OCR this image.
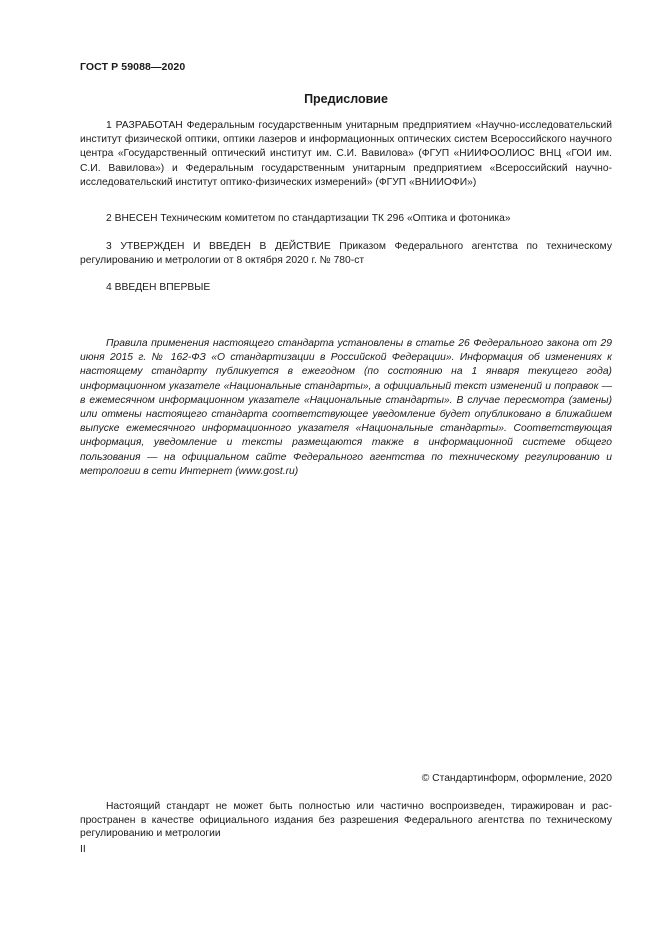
ГОСТ Р 59088—2020
Предисловие

1 РАЗРАБОТАН Федеральным государственным унитарным предприятием «Научно-исследовательский институт физической оптики, оптики лазеров и информационных оптических систем Всероссийского научного центра «Государственный оптический институт им. С.И. Вавилова» (ФГУП «НИИФООЛИОС ВНЦ «ГОИ им. С.И. Вавилова») и Федеральным государственным унитарным предприятием «Всероссийский научно-исследовательский институт оптико-физических измерений» (ФГУП «ВНИИОФИ»)

2 ВНЕСЕН Техническим комитетом по стандартизации ТК 296 «Оптика и фотоника»

3 УТВЕРЖДЕН И ВВЕДЕН В ДЕЙСТВИЕ Приказом Федерального агентства по техническому регулированию и метрологии от 8 октября 2020 г. № 780-ст

4 ВВЕДЕН ВПЕРВЫЕ

Правила применения настоящего стандарта установлены в статье 26 Федерального закона от 29 июня 2015 г. № 162-ФЗ «О стандартизации в Российской Федерации». Информация об изменениях к настоящему стандарту публикуется в ежегодном (по состоянию на 1 января текущего года) информационном указателе «Национальные стандарты», а официальный текст изменений и поправок — в ежемесячном информационном указателе «Национальные стандарты». В случае пересмотра (замены) или отмены настоящего стандарта соответствующее уведомление будет опубликовано в ближайшем выпуске ежемесячного информационного указателя «Национальные стандарты». Соответствующая информация, уведомление и тексты размещаются также в информационной системе общего пользования — на официальном сайте Федерального агентства по техническому регулированию и метрологии в сети Интернет (www.gost.ru)

© Стандартинформ, оформление, 2020

Настоящий стандарт не может быть полностью или частично воспроизведен, тиражирован и распространен в качестве официального издания без разрешения Федерального агентства по техническому регулированию и метрологии

II
